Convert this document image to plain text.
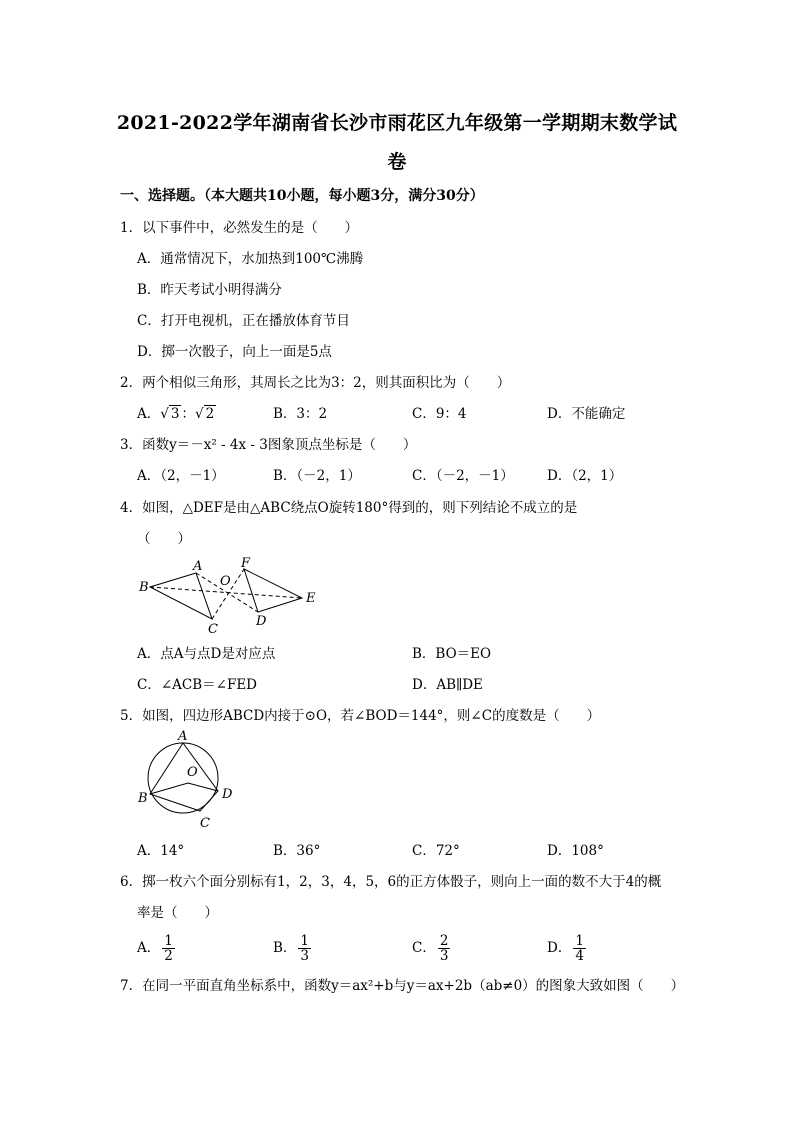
2021-2022学年湖南省长沙市雨花区九年级第一学期期末数学试
卷
一、选择题。（本大题共10小题，每小题3分，满分30分）
1．以下事件中，必然发生的是（　　）
A．通常情况下，水加热到100℃沸腾
B．昨天考试小明得满分
C．打开电视机，正在播放体育节目
D．掷一次骰子，向上一面是5点
2．两个相似三角形，其周长之比为3：2，则其面积比为（　　）
A．√ 3 ：√ 2	B．3：2	C．9：4	D．不能确定
3．函数y＝－x² - 4x - 3图象顶点坐标是（　　）
A．（2，－1）	B．（－2，1）	C．（－2，－1） D．（2，1）
4．如图，△DEF是由△ABC绕点O旋转180°得到的，则下列结论不成立的是
（　　）
B
A
C
O
F
D
E
A．点A与点D是对应点	B．BO＝EO
C．∠ACB＝∠FED	D．AB∥DE
5．如图，四边形ABCD内接于⊙O，若∠BOD＝144°，则∠C的度数是（　　）
A
O
B	D
C
A．14°	B．36°	C．72°	D．108°
6．掷一枚六个面分别标有1，2，3，4，5，6的正方体骰子，则向上一面的数不大于4的概
率是（　　）
A． $\frac{1}{2}$	B． $\frac{1}{3}$	C． $\frac{2}{3}$	D． $\frac{1}{4}$
7．在同一平面直角坐标系中，函数y＝ax²+b与y＝ax+2b（ab≠0）的图象大致如图（　　）
